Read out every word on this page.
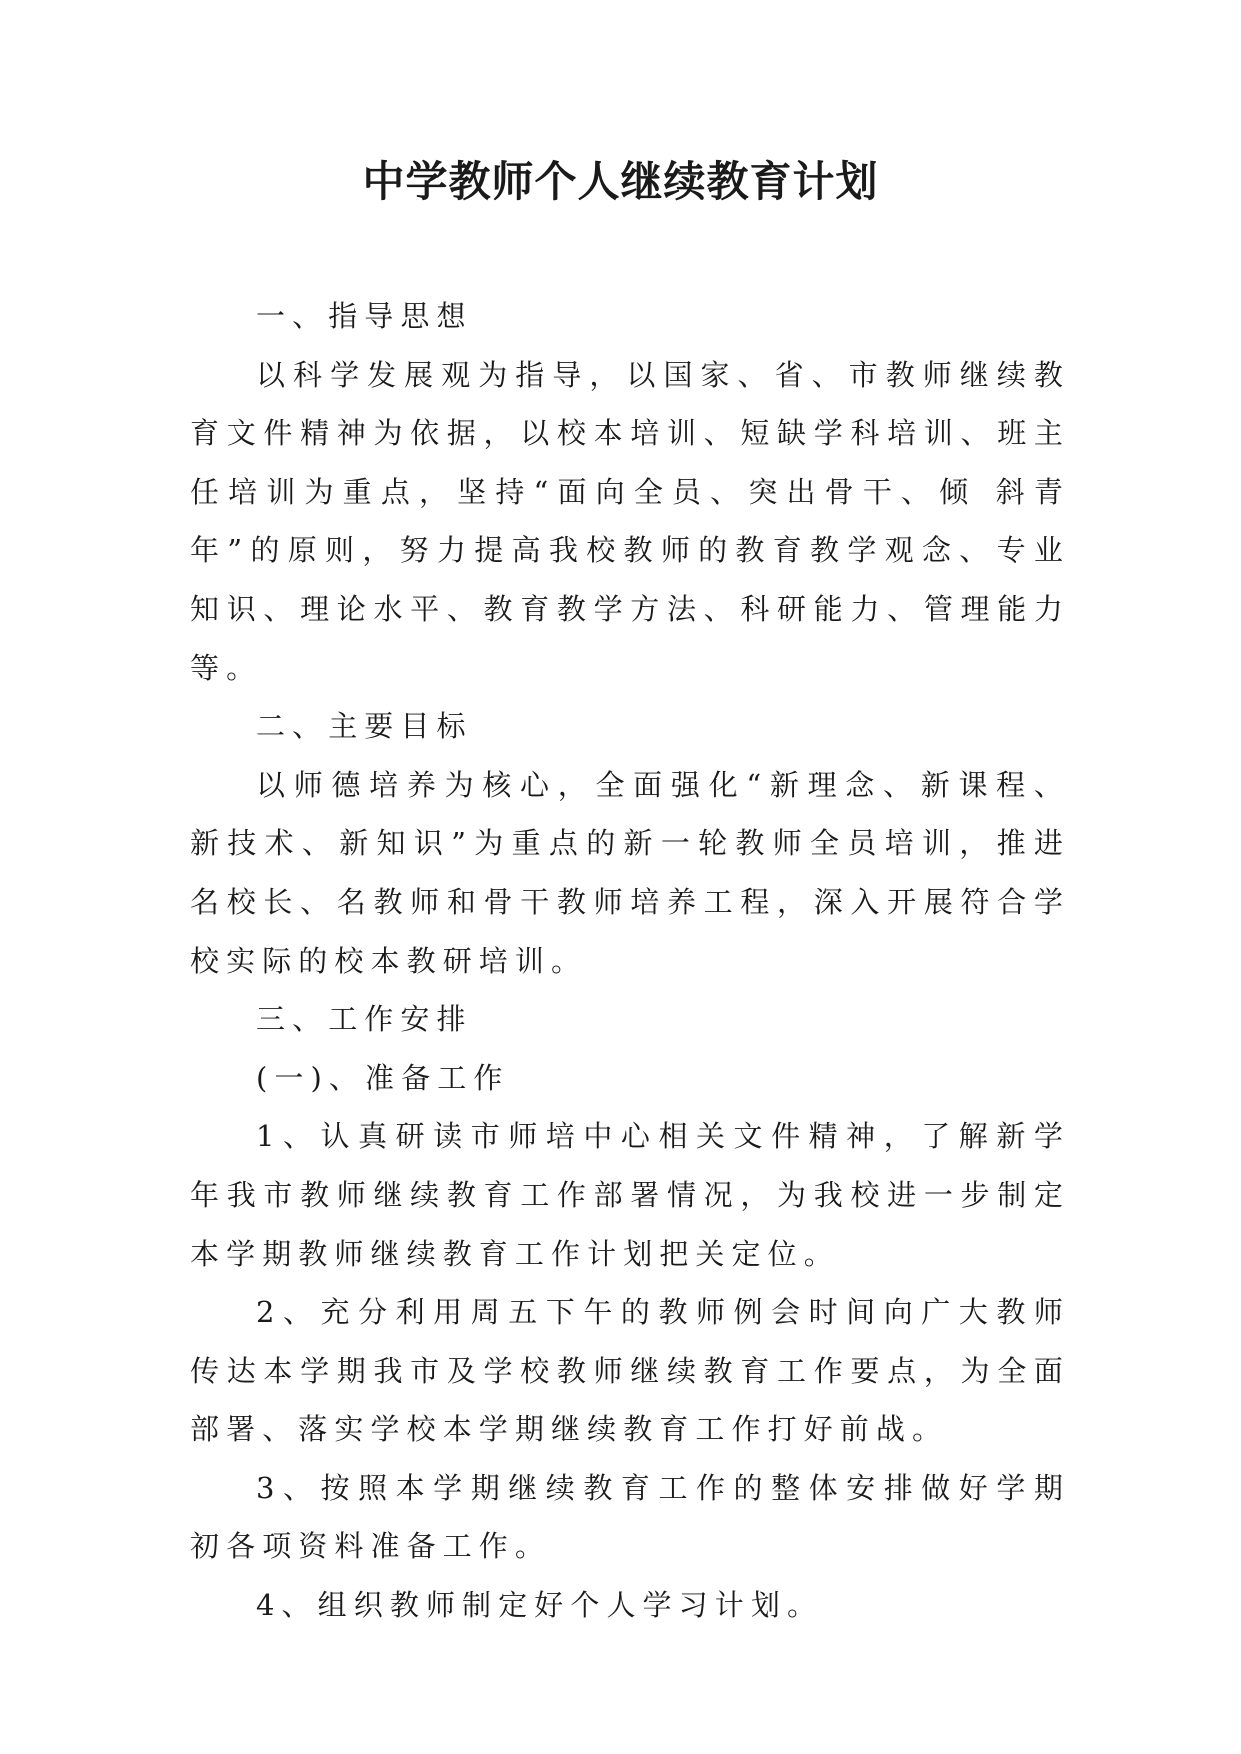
中学教师个人继续教育计划

一、指导思想

以科学发展观为指导，以国家、省、市教师继续教育文件精神为依据，以校本培训、短缺学科培训、班主任培训为重点，坚持“面向全员、突出骨干、倾 斜青年”的原则，努力提高我校教师的教育教学观念、专业知识、理论水平、教育教学方法、科研能力、管理能力等。

二、主要目标

以师德培养为核心，全面强化“新理念、新课程、新技术、新知识”为重点的新一轮教师全员培训，推进名校长、名教师和骨干教师培养工程，深入开展符合学校实际的校本教研培训。

三、工作安排

(一)、准备工作

1、认真研读市师培中心相关文件精神，了解新学年我市教师继续教育工作部署情况，为我校进一步制定本学期教师继续教育工作计划把关定位。

2、充分利用周五下午的教师例会时间向广大教师传达本学期我市及学校教师继续教育工作要点，为全面部署、落实学校本学期继续教育工作打好前战。

3、按照本学期继续教育工作的整体安排做好学期初各项资料准备工作。

4、组织教师制定好个人学习计划。
